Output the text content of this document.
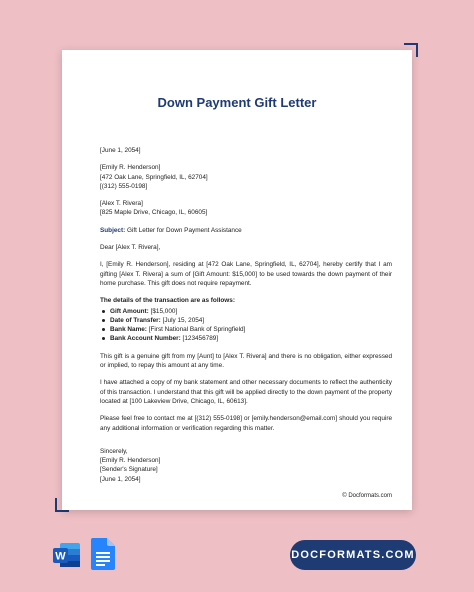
Down Payment Gift Letter
[June 1, 2054]
[Emily R. Henderson]
[472 Oak Lane, Springfield, IL, 62704]
[(312) 555-0198]
[Alex T. Rivera]
[825 Maple Drive, Chicago, IL, 60605]
Subject: Gift Letter for Down Payment Assistance
Dear [Alex T. Rivera],
I, [Emily R. Henderson], residing at [472 Oak Lane, Springfield, IL, 62704], hereby certify that I am gifting [Alex T. Rivera] a sum of [Gift Amount: $15,000] to be used towards the down payment of their home purchase. This gift does not require repayment.
The details of the transaction are as follows:
Gift Amount: [$15,000]
Date of Transfer: [July 15, 2054]
Bank Name: [First National Bank of Springfield]
Bank Account Number: [123456789]
This gift is a genuine gift from my [Aunt] to [Alex T. Rivera] and there is no obligation, either expressed or implied, to repay this amount at any time.
I have attached a copy of my bank statement and other necessary documents to reflect the authenticity of this transaction. I understand that this gift will be applied directly to the down payment of the property located at [100 Lakeview Drive, Chicago, IL, 60613].
Please feel free to contact me at [(312) 555-0198] or [emily.henderson@email.com] should you require any additional information or verification regarding this matter.
Sincerely,
[Emily R. Henderson]
[Sender's Signature]
[June 1, 2054]
© Docformats.com
W	DOCFORMATS.COM
